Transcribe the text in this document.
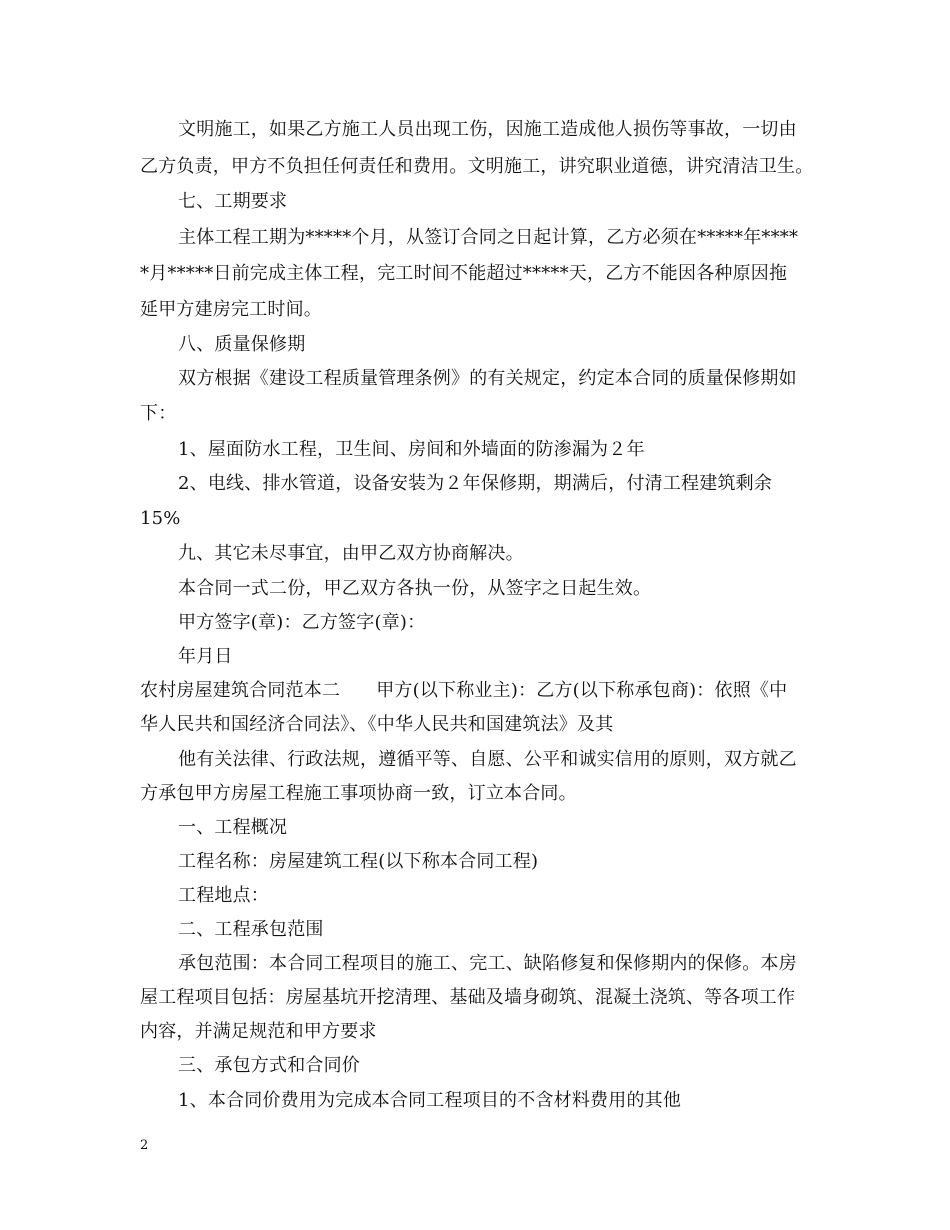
文明施工，如果乙方施工人员出现工伤，因施工造成他人损伤等事故，一切由
乙方负责，甲方不负担任何责任和费用。文明施工，讲究职业道德，讲究清洁卫生。
七、工期要求
主体工程工期为*****个月，从签订合同之日起计算，乙方必须在*****年****
*月*****日前完成主体工程，完工时间不能超过*****天，乙方不能因各种原因拖
延甲方建房完工时间。
八、质量保修期
双方根据《建设工程质量管理条例》的有关规定，约定本合同的质量保修期如
下：
1、屋面防水工程，卫生间、房间和外墙面的防渗漏为２年
2、电线、排水管道，设备安装为２年保修期，期满后，付清工程建筑剩余
15%
九、其它未尽事宜，由甲乙双方协商解决。
本合同一式二份，甲乙双方各执一份，从签字之日起生效。
甲方签字(章)：乙方签字(章)：
年月日
农村房屋建筑合同范本二 甲方(以下称业主)：乙方(以下称承包商)：依照《中
华人民共和国经济合同法》、《中华人民共和国建筑法》及其
他有关法律、行政法规，遵循平等、自愿、公平和诚实信用的原则，双方就乙
方承包甲方房屋工程施工事项协商一致，订立本合同。
一、工程概况
工程名称：房屋建筑工程(以下称本合同工程)
工程地点：
二、工程承包范围
承包范围：本合同工程项目的施工、完工、缺陷修复和保修期内的保修。本房
屋工程项目包括：房屋基坑开挖清理、基础及墙身砌筑、混凝土浇筑、等各项工作
内容，并满足规范和甲方要求
三、承包方式和合同价
1、本合同价费用为完成本合同工程项目的不含材料费用的其他
2
